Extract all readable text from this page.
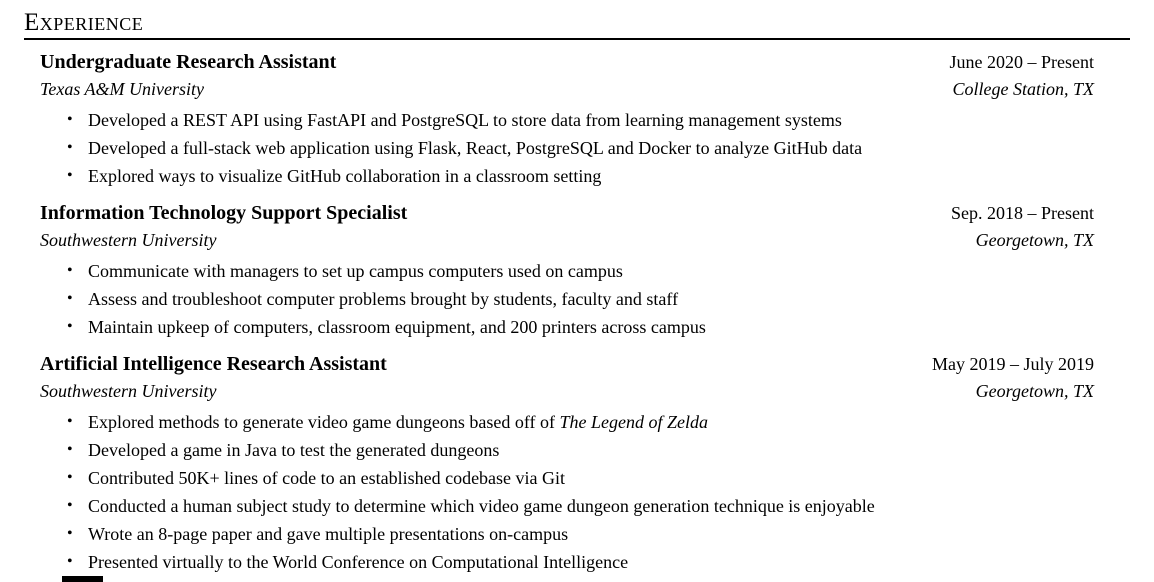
Experience
Undergraduate Research Assistant	June 2020 – Present
Texas A&M University	College Station, TX
• Developed a REST API using FastAPI and PostgreSQL to store data from learning management systems
• Developed a full-stack web application using Flask, React, PostgreSQL and Docker to analyze GitHub data
• Explored ways to visualize GitHub collaboration in a classroom setting
Information Technology Support Specialist	Sep. 2018 – Present
Southwestern University	Georgetown, TX
• Communicate with managers to set up campus computers used on campus
• Assess and troubleshoot computer problems brought by students, faculty and staff
• Maintain upkeep of computers, classroom equipment, and 200 printers across campus
Artificial Intelligence Research Assistant	May 2019 – July 2019
Southwestern University	Georgetown, TX
• Explored methods to generate video game dungeons based off of The Legend of Zelda
• Developed a game in Java to test the generated dungeons
• Contributed 50K+ lines of code to an established codebase via Git
• Conducted a human subject study to determine which video game dungeon generation technique is enjoyable
• Wrote an 8-page paper and gave multiple presentations on-campus
• Presented virtually to the World Conference on Computational Intelligence
